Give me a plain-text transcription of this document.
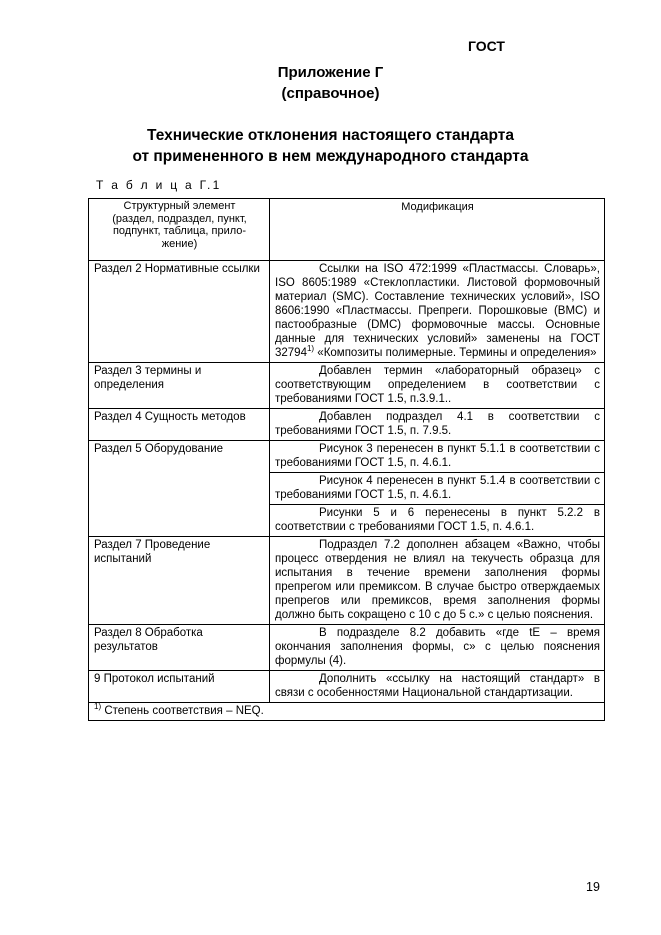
ГОСТ
Приложение Г
(справочное)
Технические отклонения настоящего стандарта
от примененного в нем международного стандарта
Т а б л и ц а Г.1
Структурный элемент
(раздел, подраздел, пункт,
подпункт, таблица, прило-
жение)	Модификация
Раздел 2 Нормативные ссылки	Ссылки на ISO 472:1999 «Пластмассы. Словарь», ISO 8605:1989 «Стеклопластики. Листовой формовочный материал (SMC). Составление технических условий», ISO 8606:1990 «Пластмассы. Препреги. Порошковые (BMC) и пастообразные (DMC) формовочные массы. Основные данные для технических условий» заменены на ГОСТ 32794$^{1)}$ «Композиты полимерные. Термины и определения»
Раздел 3 термины и определения	Добавлен термин «лабораторный образец» с соответствующим определением в соответствии с требованиями ГОСТ 1.5, п.3.9.1..
Раздел 4 Сущность методов	Добавлен подраздел 4.1 в соответствии с требованиями ГОСТ 1.5, п. 7.9.5.
Раздел 5 Оборудование	Рисунок 3 перенесен в пункт 5.1.1 в соответствии с требованиями ГОСТ 1.5, п. 4.6.1.
	Рисунок 4 перенесен в пункт 5.1.4 в соответствии с требованиями ГОСТ 1.5, п. 4.6.1.
	Рисунки 5 и 6 перенесены в пункт 5.2.2 в соответствии с требованиями ГОСТ 1.5, п. 4.6.1.
Раздел 7 Проведение испытаний	Подраздел 7.2 дополнен абзацем «Важно, чтобы процесс отвердения не влиял на текучесть образца для испытания в течение времени заполнения формы препрегом или премиксом. В случае быстро отверждаемых препрегов или премиксов, время заполнения формы должно быть сокращено с 10 с до 5 с.» с целью пояснения.
Раздел 8 Обработка результатов	В подразделе 8.2 добавить «где tE – время окончания заполнения формы, с» с целью пояснения формулы (4).
9 Протокол испытаний	Дополнить «ссылку на настоящий стандарт» в связи с особенностями Национальной стандартизации.
$^{1)}$ Степень соответствия – NEQ.	
19
